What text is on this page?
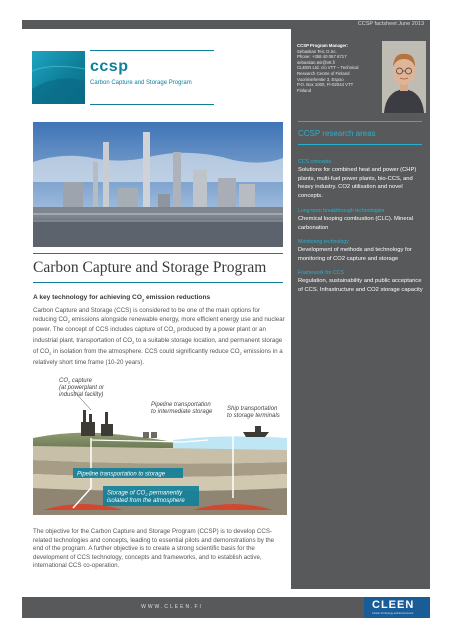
CCSP factsheet June 2013
ccsp
Carbon Capture and Storage Program
CCSP Program Manager:
Sebastian Teir, D.Sc.
Phone: +358 40 067 6717
sebastian.teir@vtt.fi
CLEEN Ltd. c/o VTT – Technical
Research Centre of Finland
Vuorimiehentie 3, Espoo
P.O. Box 1000, FI-02044 VTT
Finland
CCSP research areas
CCS concepts
Solutions for combined heat and power (CHP) plants, multi-fuel power plants, bio-CCS, and heavy industry. CO2 utilisation and novel concepts.
Long-term breakthrough technologies
Chemical looping combustion (CLC). Mineral carbonation
Monitoring technology
Development of methods and technology for monitoring of CO2 capture and storage
Framework for CCS
Regulation, sustainability and public acceptance of CCS. Infrastructure and CO2 storage capacity
Carbon Capture and Storage Program
A key technology for achieving $CO_2$ emission reductions
Carbon Capture and Storage (CCS) is considered to be one of the main options for reducing $CO_2$ emissions alongside renewable energy, more efficient energy use and nuclear power. The concept of CCS includes capture of $CO_2$ produced by a power plant or an industrial plant, transportation of $CO_2$ to a suitable storage location, and permanent storage of $CO_2$ in isolation from the atmosphere. CCS could significantly reduce $CO_2$ emissions in a relatively short time frame (10-20 years).
$CO_2$ capture
(at powerplant or
industrial facility)
Pipeline transportation
to intermediate storage Ship transportation
to storage terminals
Pipeline transportation to storage
Storage of $CO_2$ permanently
isolated from the atmosphere
The objective for the Carbon Capture and Storage Program (CCSP) is to develop CCS-related technologies and concepts, leading to essential pilots and demonstrations by the end of the program. A further objective is to create a strong scientific basis for the development of CCS technology, concepts and frameworks, and to establish active, international CCS co-operation.
WWW.CLEEN.FI	CLEEN
Cluster for Energy and Environment
